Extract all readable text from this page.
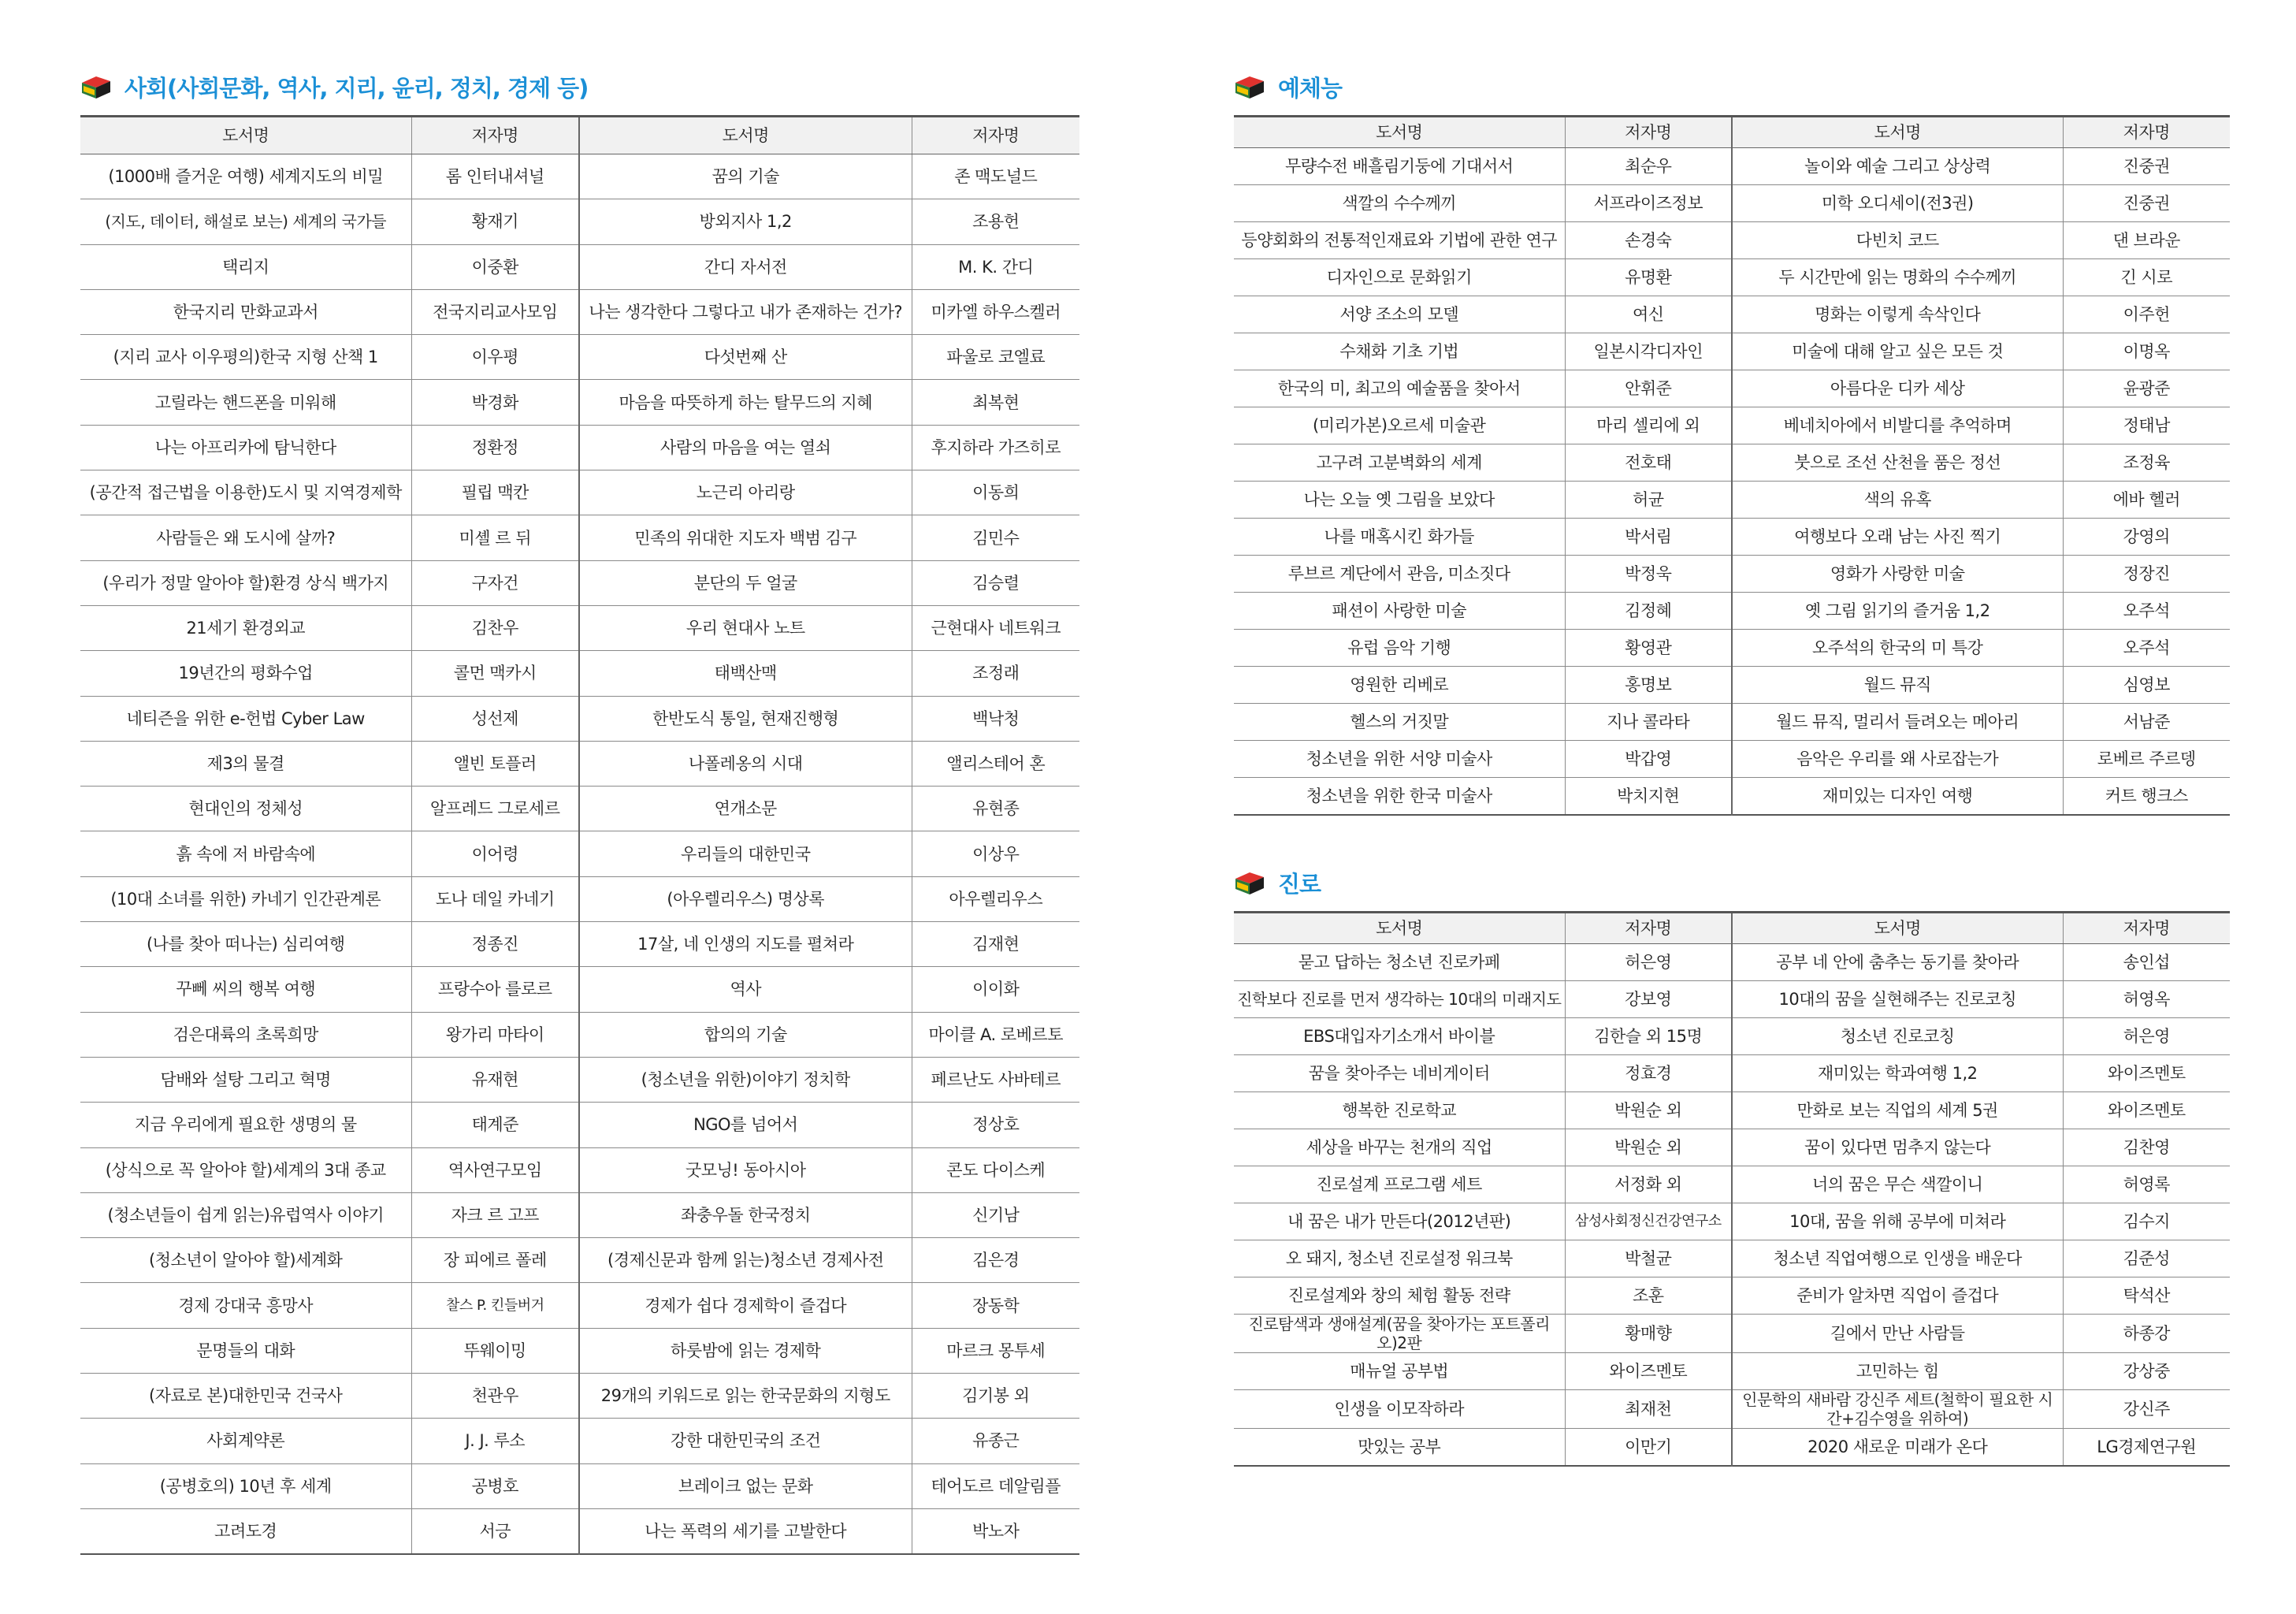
사회(사회문화, 역사, 지리, 윤리, 정치, 경제 등)
도서명	저자명	도서명	저자명
(1000배 즐거운 여행) 세계지도의 비밀	롬 인터내셔널	꿈의 기술	존 맥도널드
(지도, 데이터, 해설로 보는) 세계의 국가들	황재기	방외지사 1,2	조용헌
택리지	이중환	간디 자서전	M. K. 간디
한국지리 만화교과서	전국지리교사모임	나는 생각한다 그렇다고 내가 존재하는 건가?	미카엘 하우스켈러
(지리 교사 이우평의)한국 지형 산책 1	이우평	다섯번째 산	파울로 코엘료
고릴라는 핸드폰을 미워해	박경화	마음을 따뜻하게 하는 탈무드의 지혜	최복현
나는 아프리카에 탐닉한다	정환정	사람의 마음을 여는 열쇠	후지하라 가즈히로
(공간적 접근법을 이용한)도시 및 지역경제학	필립 맥칸	노근리 아리랑	이동희
사람들은 왜 도시에 살까?	미셸 르 뒤	민족의 위대한 지도자 백범 김구	김민수
(우리가 정말 알아야 할)환경 상식 백가지	구자건	분단의 두 얼굴	김승렬
21세기 환경외교	김찬우	우리 현대사 노트	근현대사 네트워크
19년간의 평화수업	콜먼 맥카시	태백산맥	조정래
네티즌을 위한 e-헌법 Cyber Law	성선제	한반도식 통일, 현재진행형	백낙청
제3의 물결	앨빈 토플러	나폴레옹의 시대	앨리스테어 혼
현대인의 정체성	알프레드 그로세르	연개소문	유현종
흙 속에 저 바람속에	이어령	우리들의 대한민국	이상우
(10대 소녀를 위한) 카네기 인간관계론	도나 데일 카네기	(아우렐리우스) 명상록	아우렐리우스
(나를 찾아 떠나는) 심리여행	정종진	17살, 네 인생의 지도를 펼쳐라	김재현
꾸뻬 씨의 행복 여행	프랑수아 를로르	역사	이이화
검은대륙의 초록희망	왕가리 마타이	합의의 기술	마이클 A. 로베르토
담배와 설탕 그리고 혁명	유재현	(청소년을 위한)이야기 정치학	페르난도 사바테르
지금 우리에게 필요한 생명의 물	태계준	NGO를 넘어서	정상호
(상식으로 꼭 알아야 할)세계의 3대 종교	역사연구모임	굿모닝! 동아시아	콘도 다이스케
(청소년들이 쉽게 읽는)유럽역사 이야기	자크 르 고프	좌충우돌 한국정치	신기남
(청소년이 알아야 할)세계화	장 피에르 폴레	(경제신문과 함께 읽는)청소년 경제사전	김은경
경제 강대국 흥망사	찰스 P. 킨들버거	경제가 쉽다 경제학이 즐겁다	장동학
문명들의 대화	뚜웨이밍	하룻밤에 읽는 경제학	마르크 몽투세
(자료로 본)대한민국 건국사	천관우	29개의 키워드로 읽는 한국문화의 지형도	김기봉 외
사회계약론	J. J. 루소	강한 대한민국의 조건	유종근
(공병호의) 10년 후 세계	공병호	브레이크 없는 문화	테어도르 데알림플
고려도경	서긍	나는 폭력의 세기를 고발한다	박노자
예체능
도서명	저자명	도서명	저자명
무량수전 배흘림기둥에 기대서서	최순우	놀이와 예술 그리고 상상력	진중권
색깔의 수수께끼	서프라이즈정보	미학 오디세이(전3권)	진중권
등양회화의 전통적인재료와 기법에 관한 연구	손경숙	다빈치 코드	댄 브라운
디자인으로 문화읽기	유명환	두 시간만에 읽는 명화의 수수께끼	긴 시로
서양 조소의 모델	여신	명화는 이렇게 속삭인다	이주헌
수채화 기초 기법	일본시각디자인	미술에 대해 알고 싶은 모든 것	이명옥
한국의 미, 최고의 예술품을 찾아서	안휘준	아름다운 디카 세상	윤광준
(미리가본)오르세 미술관	마리 셀리에 외	베네치아에서 비발디를 추억하며	정태남
고구려 고분벽화의 세계	전호태	붓으로 조선 산천을 품은 정선	조정육
나는 오늘 옛 그림을 보았다	허균	색의 유혹	에바 헬러
나를 매혹시킨 화가들	박서림	여행보다 오래 남는 사진 찍기	강영의
루브르 계단에서 관음, 미소짓다	박정욱	영화가 사랑한 미술	정장진
패션이 사랑한 미술	김정혜	옛 그림 읽기의 즐거움 1,2	오주석
유럽 음악 기행	황영관	오주석의 한국의 미 특강	오주석
영원한 리베로	홍명보	월드 뮤직	심영보
헬스의 거짓말	지나 콜라타	월드 뮤직, 멀리서 들려오는 메아리	서남준
청소년을 위한 서양 미술사	박갑영	음악은 우리를 왜 사로잡는가	로베르 주르뎅
청소년을 위한 한국 미술사	박치지현	재미있는 디자인 여행	커트 행크스
진로
도서명	저자명	도서명	저자명
묻고 답하는 청소년 진로카페	허은영	공부 네 안에 춤추는 동기를 찾아라	송인섭
진학보다 진로를 먼저 생각하는 10대의 미래지도	강보영	10대의 꿈을 실현해주는 진로코칭	허영옥
EBS대입자기소개서 바이블	김한슬 외 15명	청소년 진로코칭	허은영
꿈을 찾아주는 네비게이터	정효경	재미있는 학과여행 1,2	와이즈멘토
행복한 진로학교	박원순 외	만화로 보는 직업의 세계 5권	와이즈멘토
세상을 바꾸는 천개의 직업	박원순 외	꿈이 있다면 멈추지 않는다	김찬영
진로설계 프로그램 세트	서정화 외	너의 꿈은 무슨 색깔이니	허영록
내 꿈은 내가 만든다(2012년판)	삼성사회정신건강연구소	10대, 꿈을 위해 공부에 미쳐라	김수지
오 돼지, 청소년 진로설정 워크북	박철균	청소년 직업여행으로 인생을 배운다	김준성
진로설계와 창의 체험 활동 전략	조훈	준비가 알차면 직업이 즐겁다	탁석산
진로탐색과 생애설계(꿈을 찾아가는 포트폴리오)2판	황매향	길에서 만난 사람들	하종강
매뉴얼 공부법	와이즈멘토	고민하는 힘	강상중
인생을 이모작하라	최재천	인문학의 새바람 강신주 세트(철학이 필요한 시간+김수영을 위하여)	강신주
맛있는 공부	이만기	2020 새로운 미래가 온다	LG경제연구원
